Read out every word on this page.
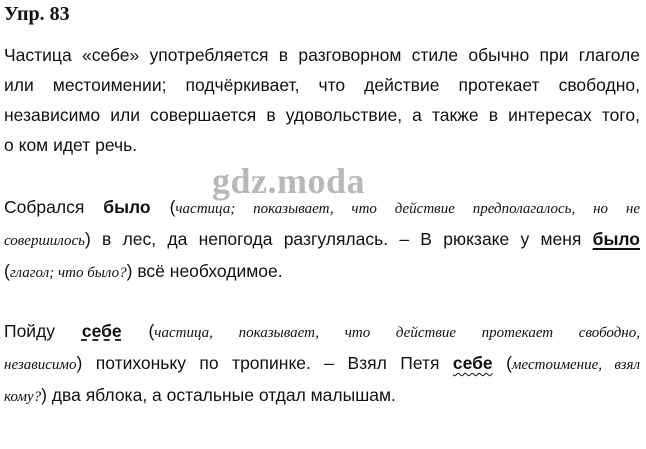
Упр. 83
Частица «себе» употребляется в разговорном стиле обычно при глаголе
или местоимении; подчёркивает, что действие протекает свободно,
независимо или совершается в удовольствие, а также в интересах того,
о ком идет речь.
gdz.moda
Собрался было (частица; показывает, что действие предполагалось, но не
совершилось) в лес, да непогода разгулялась. – В рюкзаке у меня было
(глагол; что было?) всё необходимое.
Пойду себе (частица, показывает, что действие протекает свободно,
независимо) потихоньку по тропинке. – Взял Петя себе (местоимение, взял
кому?) два яблока, а остальные отдал малышам.
